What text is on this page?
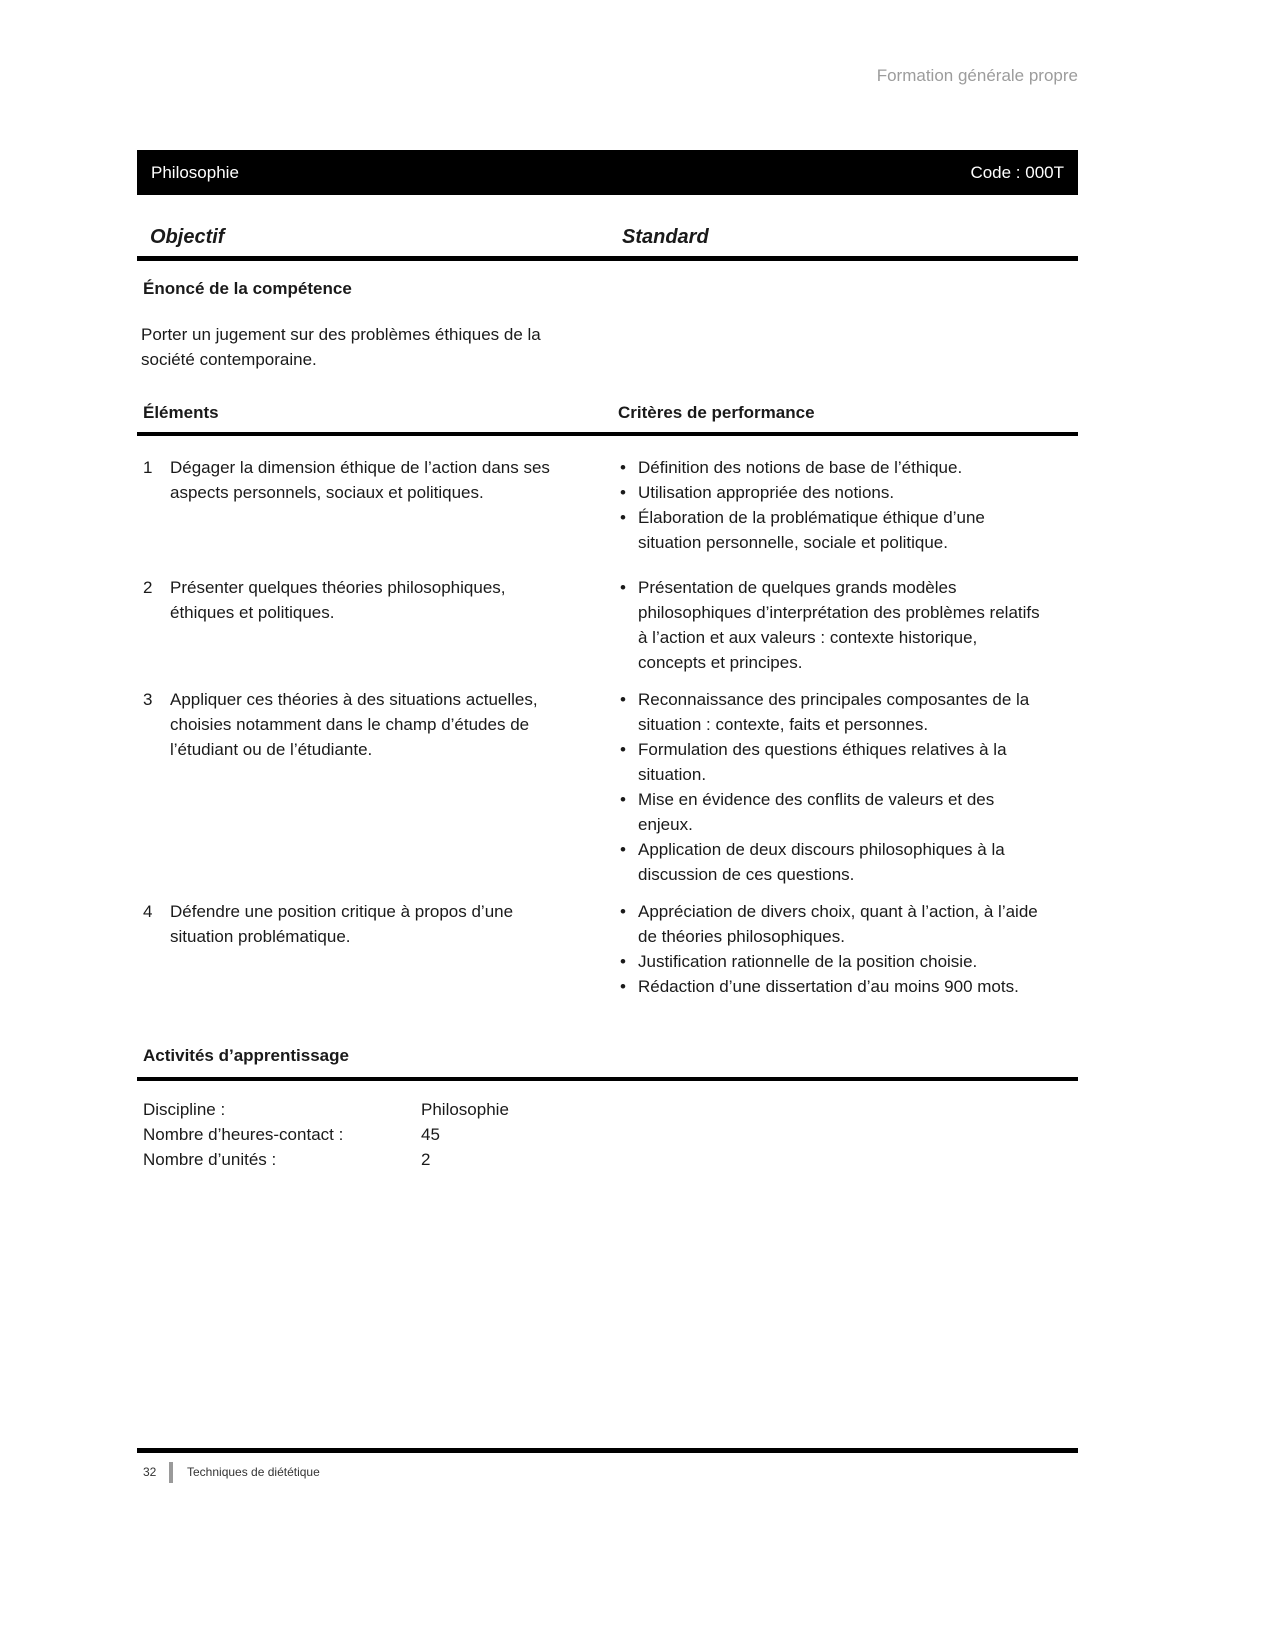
Formation générale propre
Philosophie	Code : 000T
Objectif	Standard
Énoncé de la compétence
Porter un jugement sur des problèmes éthiques de la société contemporaine.
Éléments	Critères de performance
1	Dégager la dimension éthique de l’action dans ses aspects personnels, sociaux et politiques.
• Définition des notions de base de l’éthique.
• Utilisation appropriée des notions.
• Élaboration de la problématique éthique d’une situation personnelle, sociale et politique.
2	Présenter quelques théories philosophiques, éthiques et politiques.
• Présentation de quelques grands modèles philosophiques d’interprétation des problèmes relatifs à l’action et aux valeurs : contexte historique, concepts et principes.
3	Appliquer ces théories à des situations actuelles, choisies notamment dans le champ d’études de l’étudiant ou de l’étudiante.
• Reconnaissance des principales composantes de la situation : contexte, faits et personnes.
• Formulation des questions éthiques relatives à la situation.
• Mise en évidence des conflits de valeurs et des enjeux.
• Application de deux discours philosophiques à la discussion de ces questions.
4	Défendre une position critique à propos d’une situation problématique.
• Appréciation de divers choix, quant à l’action, à l’aide de théories philosophiques.
• Justification rationnelle de la position choisie.
• Rédaction d’une dissertation d’au moins 900 mots.
Activités d’apprentissage
Discipline :	Philosophie
Nombre d’heures-contact :	45
Nombre d’unités :	2
32	Techniques de diététique
